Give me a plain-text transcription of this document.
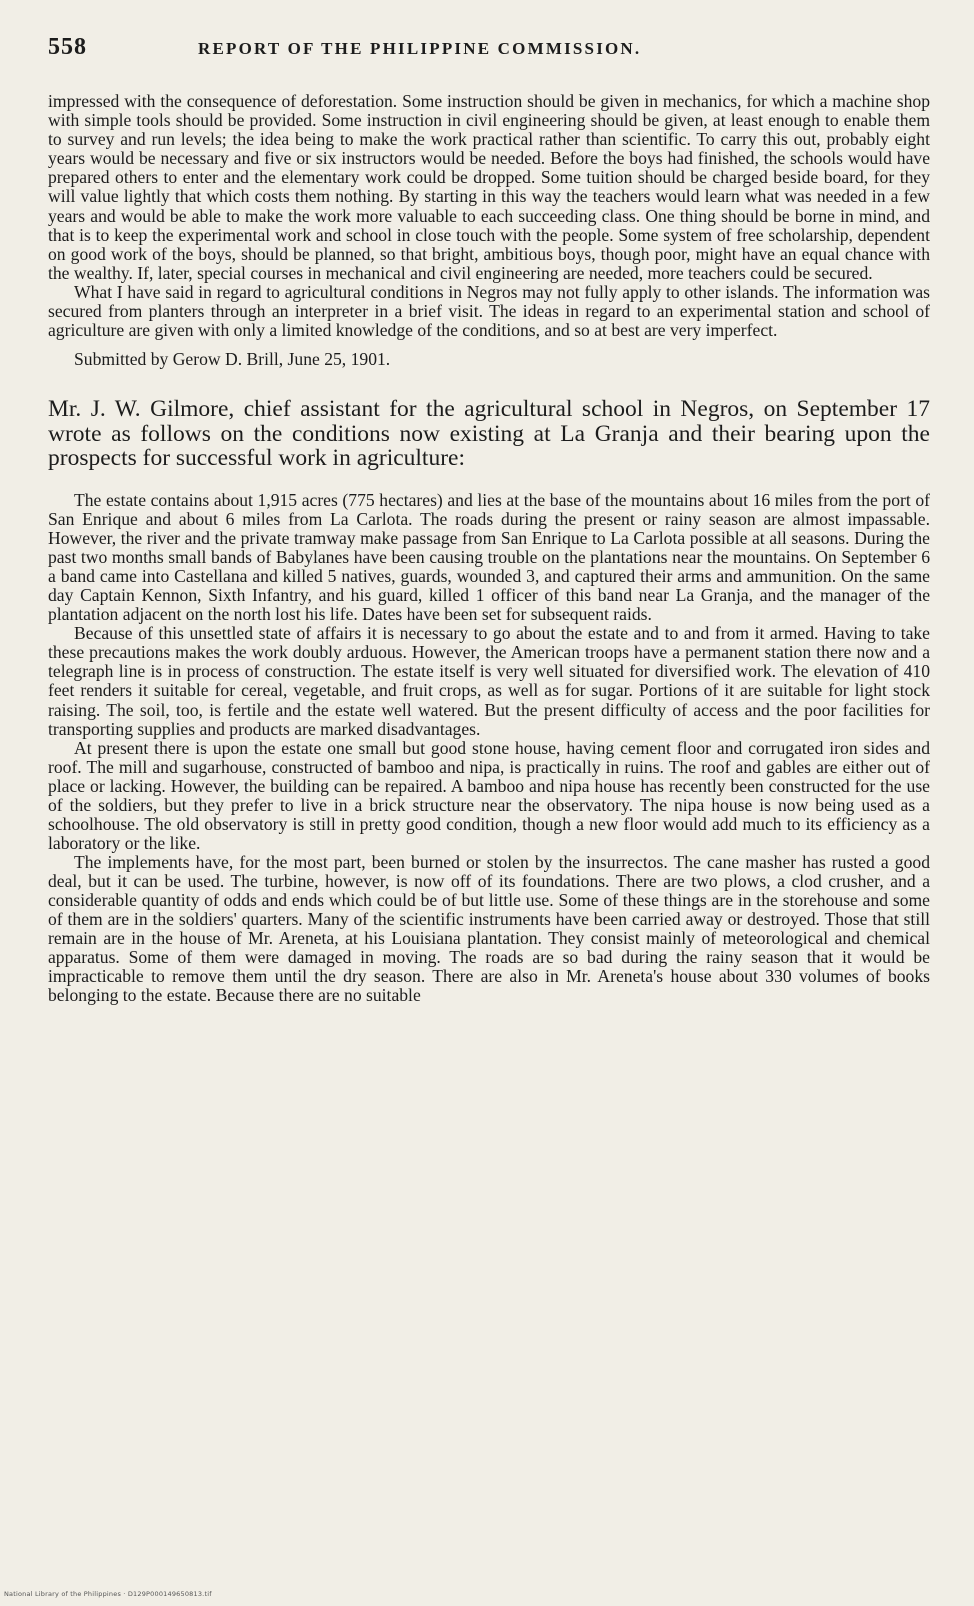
558	REPORT OF THE PHILIPPINE COMMISSION.

impressed with the consequence of deforestation. Some instruction should be given in mechanics, for which a machine shop with simple tools should be provided. Some instruction in civil engineering should be given, at least enough to enable them to survey and run levels; the idea being to make the work practical rather than scientific. To carry this out, probably eight years would be necessary and five or six instructors would be needed. Before the boys had finished, the schools would have prepared others to enter and the elementary work could be dropped. Some tuition should be charged beside board, for they will value lightly that which costs them nothing. By starting in this way the teachers would learn what was needed in a few years and would be able to make the work more valuable to each succeeding class. One thing should be borne in mind, and that is to keep the experimental work and school in close touch with the people. Some system of free scholarship, dependent on good work of the boys, should be planned, so that bright, ambitious boys, though poor, might have an equal chance with the wealthy. If, later, special courses in mechanical and civil engineering are needed, more teachers could be secured.

What I have said in regard to agricultural conditions in Negros may not fully apply to other islands. The information was secured from planters through an interpreter in a brief visit. The ideas in regard to an experimental station and school of agriculture are given with only a limited knowledge of the conditions, and so at best are very imperfect.

Submitted by Gerow D. Brill, June 25, 1901.

Mr. J. W. Gilmore, chief assistant for the agricultural school in Negros, on September 17 wrote as follows on the conditions now existing at La Granja and their bearing upon the prospects for successful work in agriculture:

The estate contains about 1,915 acres (775 hectares) and lies at the base of the mountains about 16 miles from the port of San Enrique and about 6 miles from La Carlota. The roads during the present or rainy season are almost impassable. However, the river and the private tramway make passage from San Enrique to La Carlota possible at all seasons. During the past two months small bands of Babylanes have been causing trouble on the plantations near the mountains. On September 6 a band came into Castellana and killed 5 natives, guards, wounded 3, and captured their arms and ammunition. On the same day Captain Kennon, Sixth Infantry, and his guard, killed 1 officer of this band near La Granja, and the manager of the plantation adjacent on the north lost his life. Dates have been set for subsequent raids.

Because of this unsettled state of affairs it is necessary to go about the estate and to and from it armed. Having to take these precautions makes the work doubly arduous. However, the American troops have a permanent station there now and a telegraph line is in process of construction. The estate itself is very well situated for diversified work. The elevation of 410 feet renders it suitable for cereal, vegetable, and fruit crops, as well as for sugar. Portions of it are suitable for light stock raising. The soil, too, is fertile and the estate well watered. But the present difficulty of access and the poor facilities for transporting supplies and products are marked disadvantages.

At present there is upon the estate one small but good stone house, having cement floor and corrugated iron sides and roof. The mill and sugarhouse, constructed of bamboo and nipa, is practically in ruins. The roof and gables are either out of place or lacking. However, the building can be repaired. A bamboo and nipa house has recently been constructed for the use of the soldiers, but they prefer to live in a brick structure near the observatory. The nipa house is now being used as a schoolhouse. The old observatory is still in pretty good condition, though a new floor would add much to its efficiency as a laboratory or the like.

The implements have, for the most part, been burned or stolen by the insurrectos. The cane masher has rusted a good deal, but it can be used. The turbine, however, is now off of its foundations. There are two plows, a clod crusher, and a considerable quantity of odds and ends which could be of but little use. Some of these things are in the storehouse and some of them are in the soldiers' quarters. Many of the scientific instruments have been carried away or destroyed. Those that still remain are in the house of Mr. Areneta, at his Louisiana plantation. They consist mainly of meteorological and chemical apparatus. Some of them were damaged in moving. The roads are so bad during the rainy season that it would be impracticable to remove them until the dry season. There are also in Mr. Areneta's house about 330 volumes of books belonging to the estate. Because there are no suitable

National Library of the Philippines · D129P000149650813.tif
